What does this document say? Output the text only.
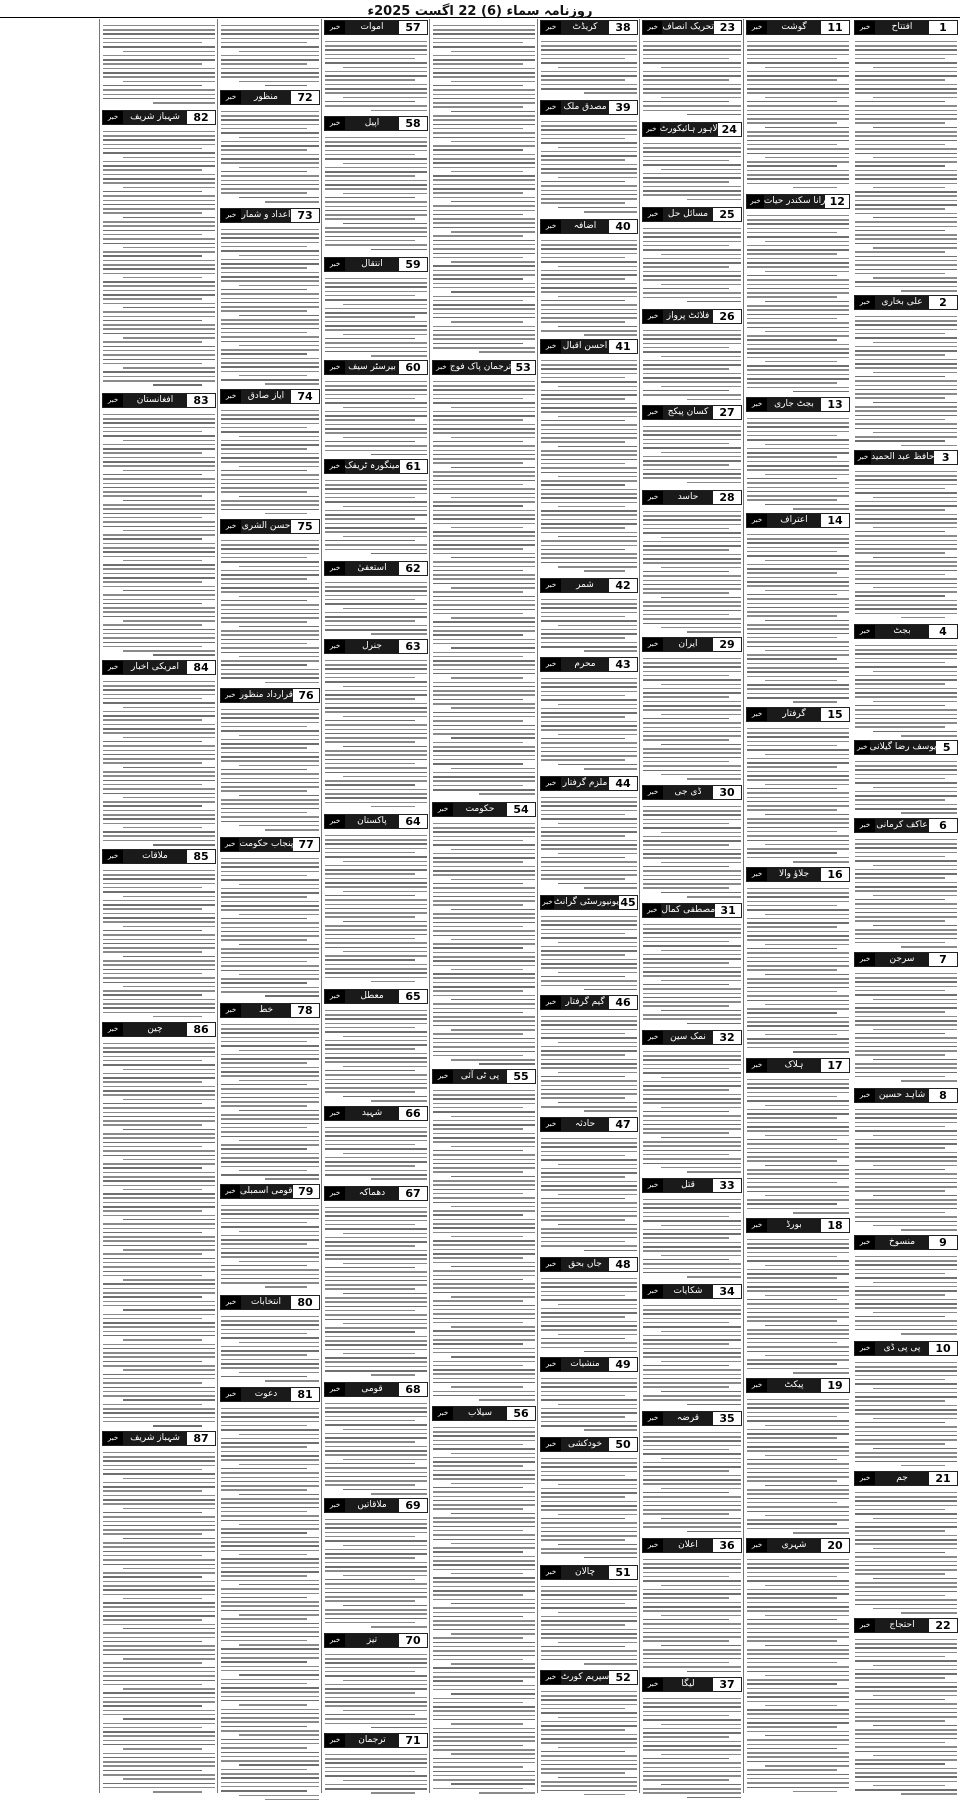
روزنامہ سماء (6) 22 اگست 2025ء
خبر	افتتاح	1
خبر	علی بخاری	2
خبر حافظ عبد الحمید 3
خبر	بجٹ	4
خبر یوسف رضا گیلانی 5
خبر عاکف کرمانی	6
خبر	سرجن	7
خبر شاہد حسین	8
خبر	منسوخ	9
خبر	پی پی ڈی	10
خبر	جم	21
خبر	احتجاج	22
خبر	گوشت	11
خبر رانا سکندر حیات 12
خبر	بجٹ جاری	13
خبر	اعتراف	14
خبر	گرفتار	15
خبر	جلاؤ والا	16
خبر	ہلاک	17
خبر	بورڈ	18
خبر	پیکٹ	19
خبر	شہری	20
خبر تحریک انصاف 23
خبر لاہور ہائیکورٹ 24
خبر	مسائل حل	25
خبر فلائٹ پرواز 26
خبر	کسان پیکج	27
خبر	حاسد	28
خبر	ایران	29
خبر	ڈی جی	30
خبر مصطفی کمال 31
خبر	نمک سین	32
خبر	قتل	33
خبر	شکایات	34
خبر	قرضہ	35
خبر	اعلان	36
خبر	لیگا	37
خبر	کریڈٹ	38
خبر مصدق ملک 39
خبر	اضافہ	40
خبر احسن اقبال 41
خبر	شمر	42
خبر	محرم	43
خبر ملزم گرفتار 44
خبر یونیورسٹی گرانٹ 45
خبر	گیم گرفتار 46
خبر	حادثہ	47
خبر	جاں بحق	48
خبر	منشیات	49
خبر	خودکشی	50
خبر	چالان	51
خبر سپریم کورٹ 52
خبر ترجمان پاک فوج 53
خبر	حکومت	54
خبر	پی ٹی آئی	55
خبر	سیلاب	56
خبر	اموات	57
خبر	اپیل	58
خبر	انتقال	59
خبر بیرسٹر سیف 60
خبر مینگورہ ٹریفک 61
خبر	استعفیٰ	62
خبر	جنرل	63
خبر	پاکستان	64
خبر	معطل	65
خبر	شہید	66
خبر	دھماکہ	67
خبر	قومی	68
خبر	ملاقاتیں	69
خبر	تیز	70
خبر	ترجمان	71
خبر	منظور	72
خبر اعداد و شمار 73
خبر	ایاز صادق	74
خبر حسن الشری 75
خبر قرارداد منظور 76
خبر پنجاب حکومت 77
خبر	خط	78
خبر قومی اسمبلی 79
خبر	انتخابات	80
خبر	دعوت	81
خبر	شہباز شریف	82
خبر	افغانستان	83
خبر	امریکی اخبار	84
خبر	ملاقات	85
خبر	چین	86
خبر	شہباز شریف	87
